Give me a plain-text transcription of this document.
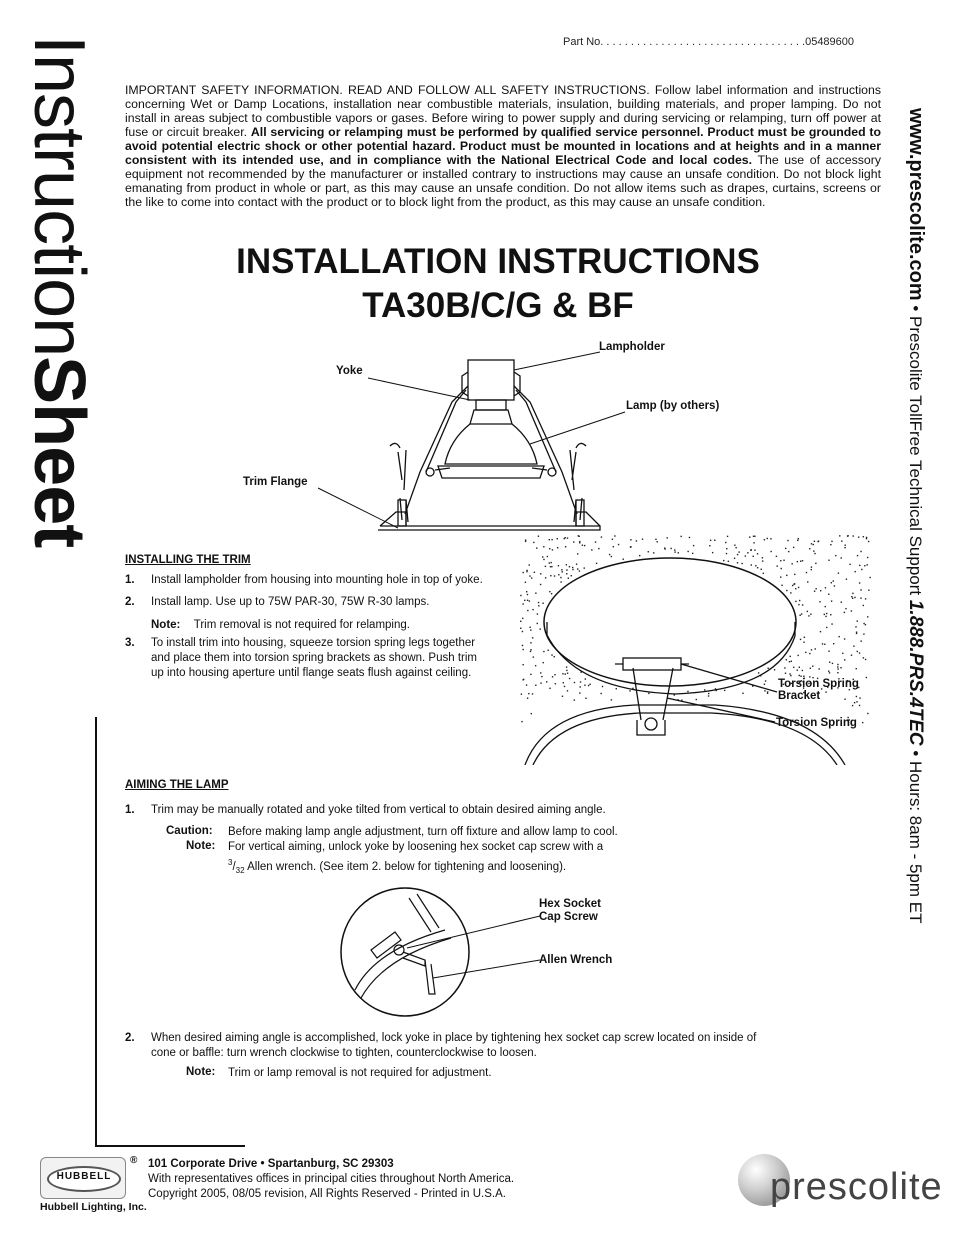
Part No. . . . . . . . . . . . . . . . . . . . . . . . . . . . . . . . . .05489600
InstructionSheet
www.prescolite.com • Prescolite TollFree Technical Support 1.888.PRS.4TEC • Hours: 8am - 5pm ET
IMPORTANT SAFETY INFORMATION. READ AND FOLLOW ALL SAFETY INSTRUCTIONS. Follow label information and instructions concerning Wet or Damp Locations, installation near combustible materials, insulation, building materials, and proper lamping. Do not install in areas subject to combustible vapors or gases. Before wiring to power supply and during servicing or relamping, turn off power at fuse or circuit breaker. All servicing or relamping must be performed by qualified service personnel. Product must be grounded to avoid potential electric shock or other potential hazard. Product must be mounted in locations and at heights and in a manner consistent with its intended use, and in compliance with the National Electrical Code and local codes. The use of accessory equipment not recommended by the manufacturer or installed contrary to instructions may cause an unsafe condition. Do not block light emanating from product in whole or part, as this may cause an unsafe condition. Do not allow items such as drapes, curtains, screens or the like to come into contact with the product or to block light from the product, as this may cause an unsafe condition.
INSTALLATION INSTRUCTIONS
TA30B/C/G & BF
Lampholder
Yoke
Lamp (by others)
Trim Flange
INSTALLING THE TRIM
1. Install lampholder from housing into mounting hole in top of yoke.
2. Install lamp. Use up to 75W PAR-30, 75W R-30 lamps.
Note: Trim removal is not required for relamping.
3. To install trim into housing, squeeze torsion spring legs together
and place them into torsion spring brackets as shown. Push trim
up into housing aperture until flange seats flush against ceiling.
Torsion Spring
Bracket
Torsion Spring
AIMING THE LAMP
1. Trim may be manually rotated and yoke tilted from vertical to obtain desired aiming angle.
Caution: Before making lamp angle adjustment, turn off fixture and allow lamp to cool.
Note: For vertical aiming, unlock yoke by loosening hex socket cap screw with a
$^3/_{32}$ Allen wrench. (See item 2. below for tightening and loosening).
Hex Socket
Cap Screw
Allen Wrench
2. When desired aiming angle is accomplished, lock yoke in place by tightening hex socket cap screw located on inside of
cone or baffle: turn wrench clockwise to tighten, counterclockwise to loosen.
Note: Trim or lamp removal is not required for adjustment.
HUBBELL
®
Hubbell Lighting, Inc.
101 Corporate Drive • Spartanburg, SC 29303
With representatives offices in principal cities throughout North America.
Copyright 2005, 08/05 revision, All Rights Reserved - Printed in U.S.A.	prescolite
